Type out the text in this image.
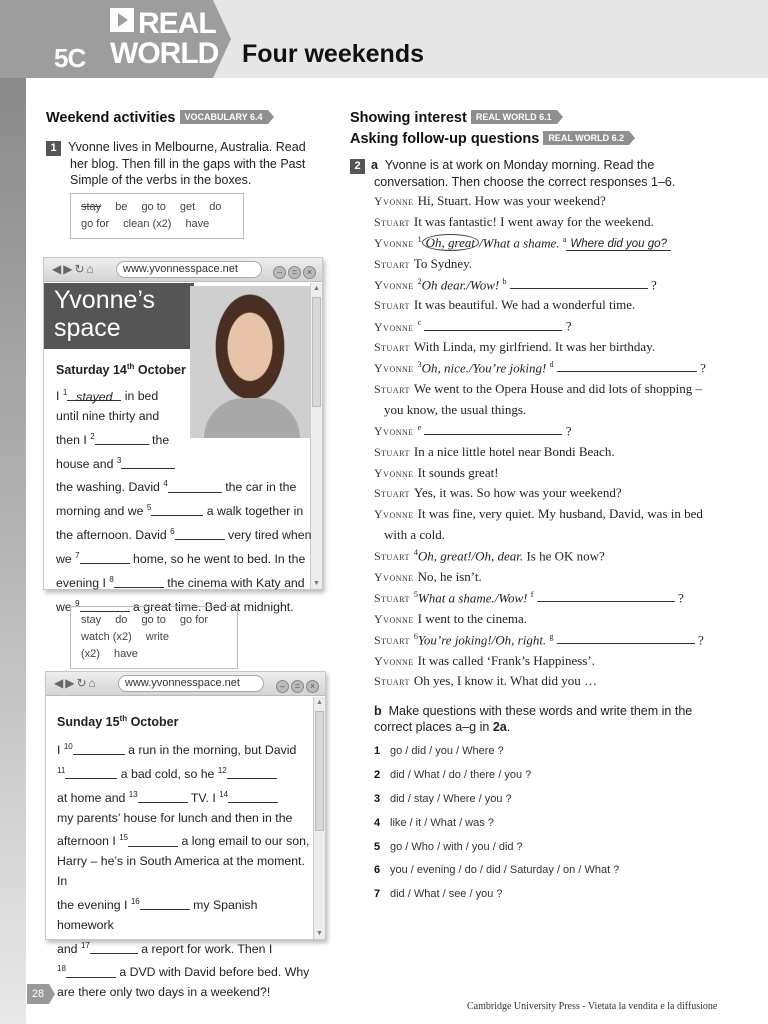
REAL
WORLD
5C	Four weekends
Weekend activities VOCABULARY 6.4
1 Yvonne lives in Melbourne, Australia. Read
her blog. Then fill in the gaps with the Past
Simple of the verbs in the boxes.
stay be go to get do
go for clean (x2) have
◀▶↻⌂	www.yvonnesspace.net	– = ×
Yvonne’s
space
▲
▼
Saturday 14th October
I $^1$ stayed in bed
until nine thirty and
then I $^2$	the
house and $^3$
the washing. David $^4$	the car in the
morning and we $^5$	a walk together in
the afternoon. David $^6$	very tired when
we $^7$	home, so he went to bed. In the
evening I $^8$	the cinema with Katy and
we $^9$	a great time. Bed at midnight.
stay do go to go for
watch (x2) write (x2) have
◀▶↻⌂	www.yvonnesspace.net	– = ×
▲
▼
Sunday 15th October
I $^{10}$	a run in the morning, but David
$^{11}$	a bad cold, so he $^{12}$
at home and $^{13}$	TV. I $^{14}$
my parents’ house for lunch and then in the
afternoon I $^{15}$	a long email to our son,
Harry – he’s in South America at the moment. In
the evening I $^{16}$	my Spanish homework
and $^{17}$	a report for work. Then I
$^{18}$	a DVD with David before bed. Why
are there only two days in a weekend?!
Showing interest REAL WORLD 6.1
Asking follow-up questions REAL WORLD 6.2
2 a Yvonne is at work on Monday morning. Read the
conversation. Then choose the correct responses 1–6.
Yvonne Hi, Stuart. How was your weekend?
Stuart It was fantastic! I went away for the weekend.
Yvonne $^1$ Oh, great /What a shame. $^a$ Where did you go?
Stuart To Sydney.
Yvonne $^2$Oh dear./Wow! $^b$	?
Stuart It was beautiful. We had a wonderful time.
Yvonne $^c$	?
Stuart With Linda, my girlfriend. It was her birthday.
Yvonne $^3$Oh, nice./You’re joking! $^d$	?
Stuart We went to the Opera House and did lots of shopping –
you know, the usual things.
Yvonne $^e$	?
Stuart In a nice little hotel near Bondi Beach.
Yvonne It sounds great!
Stuart Yes, it was. So how was your weekend?
Yvonne It was fine, very quiet. My husband, David, was in bed
with a cold.
Stuart $^4$Oh, great!/Oh, dear. Is he OK now?
Yvonne No, he isn’t.
Stuart $^5$What a shame./Wow! $^f$	?
Yvonne I went to the cinema.
Stuart $^6$You’re joking!/Oh, right. $^g$	?
Yvonne It was called ‘Frank’s Happiness’.
Stuart Oh yes, I know it. What did you …
b Make questions with these words and write them in the
correct places a–g in 2a.
1 go / did / you / Where ?
2 did / What / do / there / you ?
3 did / stay / Where / you ?
4 like / it / What / was ?
5 go / Who / with / you / did ?
6 you / evening / do / did / Saturday / on / What ?
7 did / What / see / you ?
28
Cambridge University Press - Vietata la vendita e la diffusione
